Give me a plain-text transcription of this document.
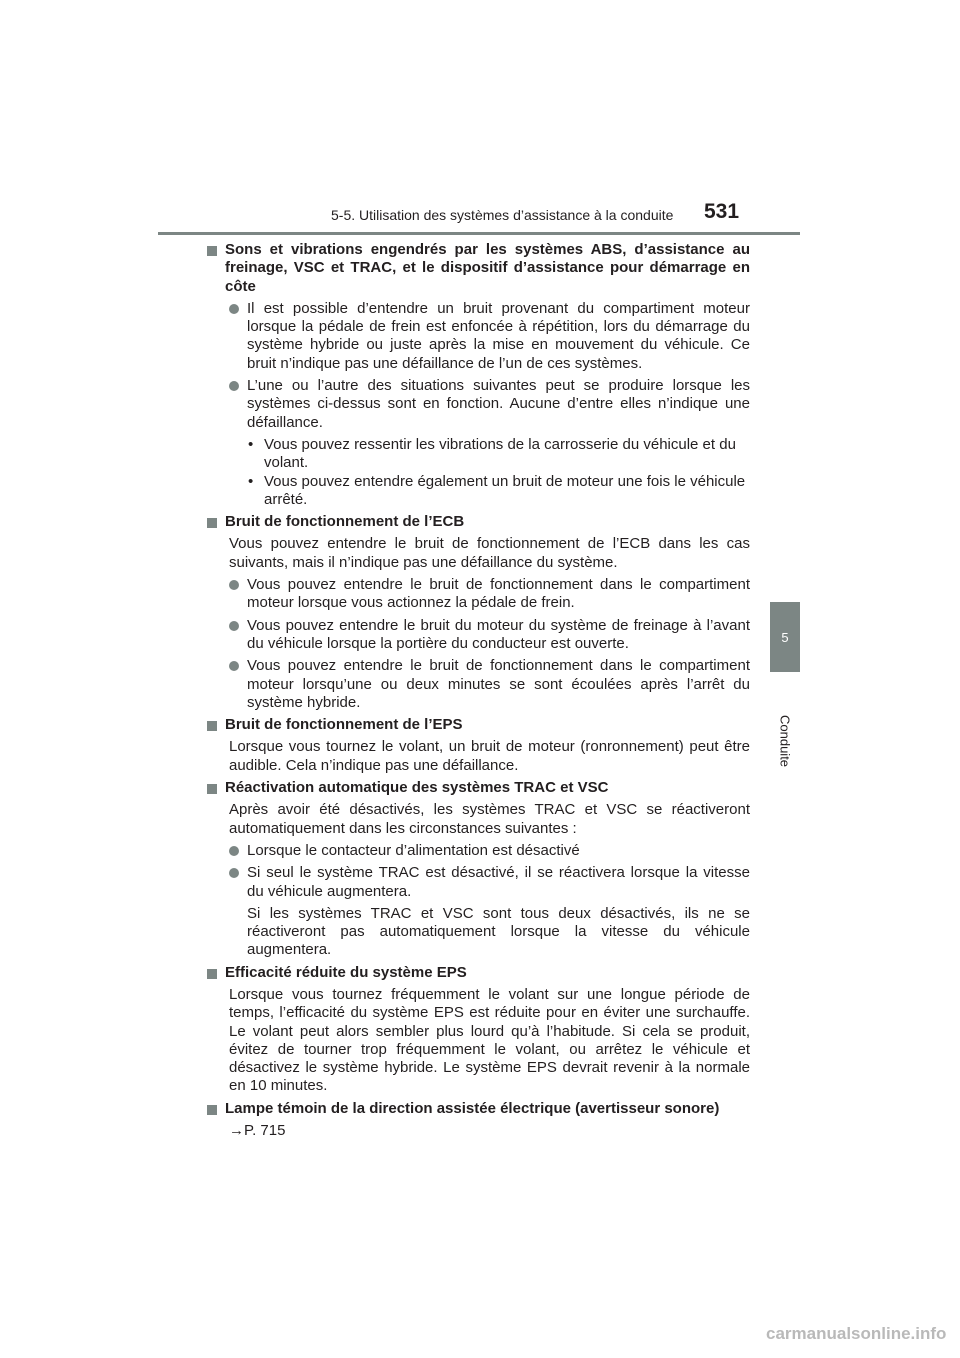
5-5. Utilisation des systèmes d’assistance à la conduite	531
5
Conduite
Sons et vibrations engendrés par les systèmes ABS, d’assistance au freinage, VSC et TRAC, et le dispositif d’assistance pour démarrage en côte
Il est possible d’entendre un bruit provenant du compartiment moteur lorsque la pédale de frein est enfoncée à répétition, lors du démarrage du système hybride ou juste après la mise en mouvement du véhicule. Ce bruit n’indique pas une défaillance de l’un de ces systèmes.
L’une ou l’autre des situations suivantes peut se produire lorsque les systèmes ci-dessus sont en fonction. Aucune d’entre elles n’indique une défaillance.
• Vous pouvez ressentir les vibrations de la carrosserie du véhicule et du volant.
• Vous pouvez entendre également un bruit de moteur une fois le véhicule arrêté.
Bruit de fonctionnement de l’ECB
Vous pouvez entendre le bruit de fonctionnement de l’ECB dans les cas suivants, mais il n’indique pas une défaillance du système.
Vous pouvez entendre le bruit de fonctionnement dans le compartiment moteur lorsque vous actionnez la pédale de frein.
Vous pouvez entendre le bruit du moteur du système de freinage à l’avant du véhicule lorsque la portière du conducteur est ouverte.
Vous pouvez entendre le bruit de fonctionnement dans le compartiment moteur lorsqu’une ou deux minutes se sont écoulées après l’arrêt du système hybride.
Bruit de fonctionnement de l’EPS
Lorsque vous tournez le volant, un bruit de moteur (ronronnement) peut être audible. Cela n’indique pas une défaillance.
Réactivation automatique des systèmes TRAC et VSC
Après avoir été désactivés, les systèmes TRAC et VSC se réactiveront automatiquement dans les circonstances suivantes :
Lorsque le contacteur d’alimentation est désactivé
Si seul le système TRAC est désactivé, il se réactivera lorsque la vitesse du véhicule augmentera.
Si les systèmes TRAC et VSC sont tous deux désactivés, ils ne se réactiveront pas automatiquement lorsque la vitesse du véhicule augmentera.
Efficacité réduite du système EPS
Lorsque vous tournez fréquemment le volant sur une longue période de temps, l’efficacité du système EPS est réduite pour en éviter une surchauffe. Le volant peut alors sembler plus lourd qu’à l’habitude. Si cela se produit, évitez de tourner trop fréquemment le volant, ou arrêtez le véhicule et désactivez le système hybride. Le système EPS devrait revenir à la normale en 10 minutes.
Lampe témoin de la direction assistée électrique (avertisseur sonore)
→P. 715
carmanualsonline.info
